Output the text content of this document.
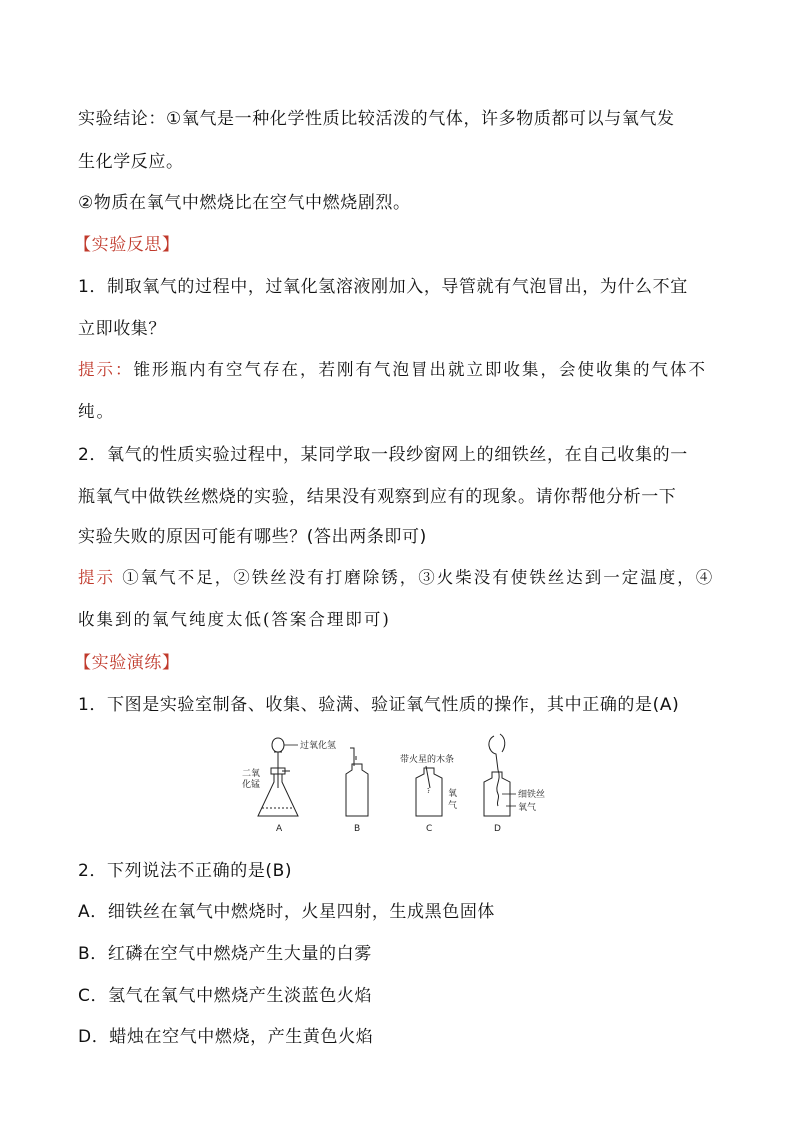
实验结论：①氧气是一种化学性质比较活泼的气体，许多物质都可以与氧气发
生化学反应。
②物质在氧气中燃烧比在空气中燃烧剧烈。
【实验反思】
1．制取氧气的过程中，过氧化氢溶液刚加入，导管就有气泡冒出，为什么不宜
立即收集？
提示：锥形瓶内有空气存在，若刚有气泡冒出就立即收集，会使收集的气体不
纯。
2．氧气的性质实验过程中，某同学取一段纱窗网上的细铁丝，在自己收集的一
瓶氧气中做铁丝燃烧的实验，结果没有观察到应有的现象。请你帮他分析一下
实验失败的原因可能有哪些？(答出两条即可)
提示 ①氧气不足，②铁丝没有打磨除锈，③火柴没有使铁丝达到一定温度，④
收集到的氧气纯度太低(答案合理即可)
【实验演练】
1．下图是实验室制备、收集、验满、验证氧气性质的操作，其中正确的是(A)
过氧化氢
二氧
化锰
A	B
带火星的木条
氧
气
C
细铁丝
氧气
D
2．下列说法不正确的是(B)
A．细铁丝在氧气中燃烧时，火星四射，生成黑色固体
B．红磷在空气中燃烧产生大量的白雾
C．氢气在氧气中燃烧产生淡蓝色火焰
D．蜡烛在空气中燃烧，产生黄色火焰
